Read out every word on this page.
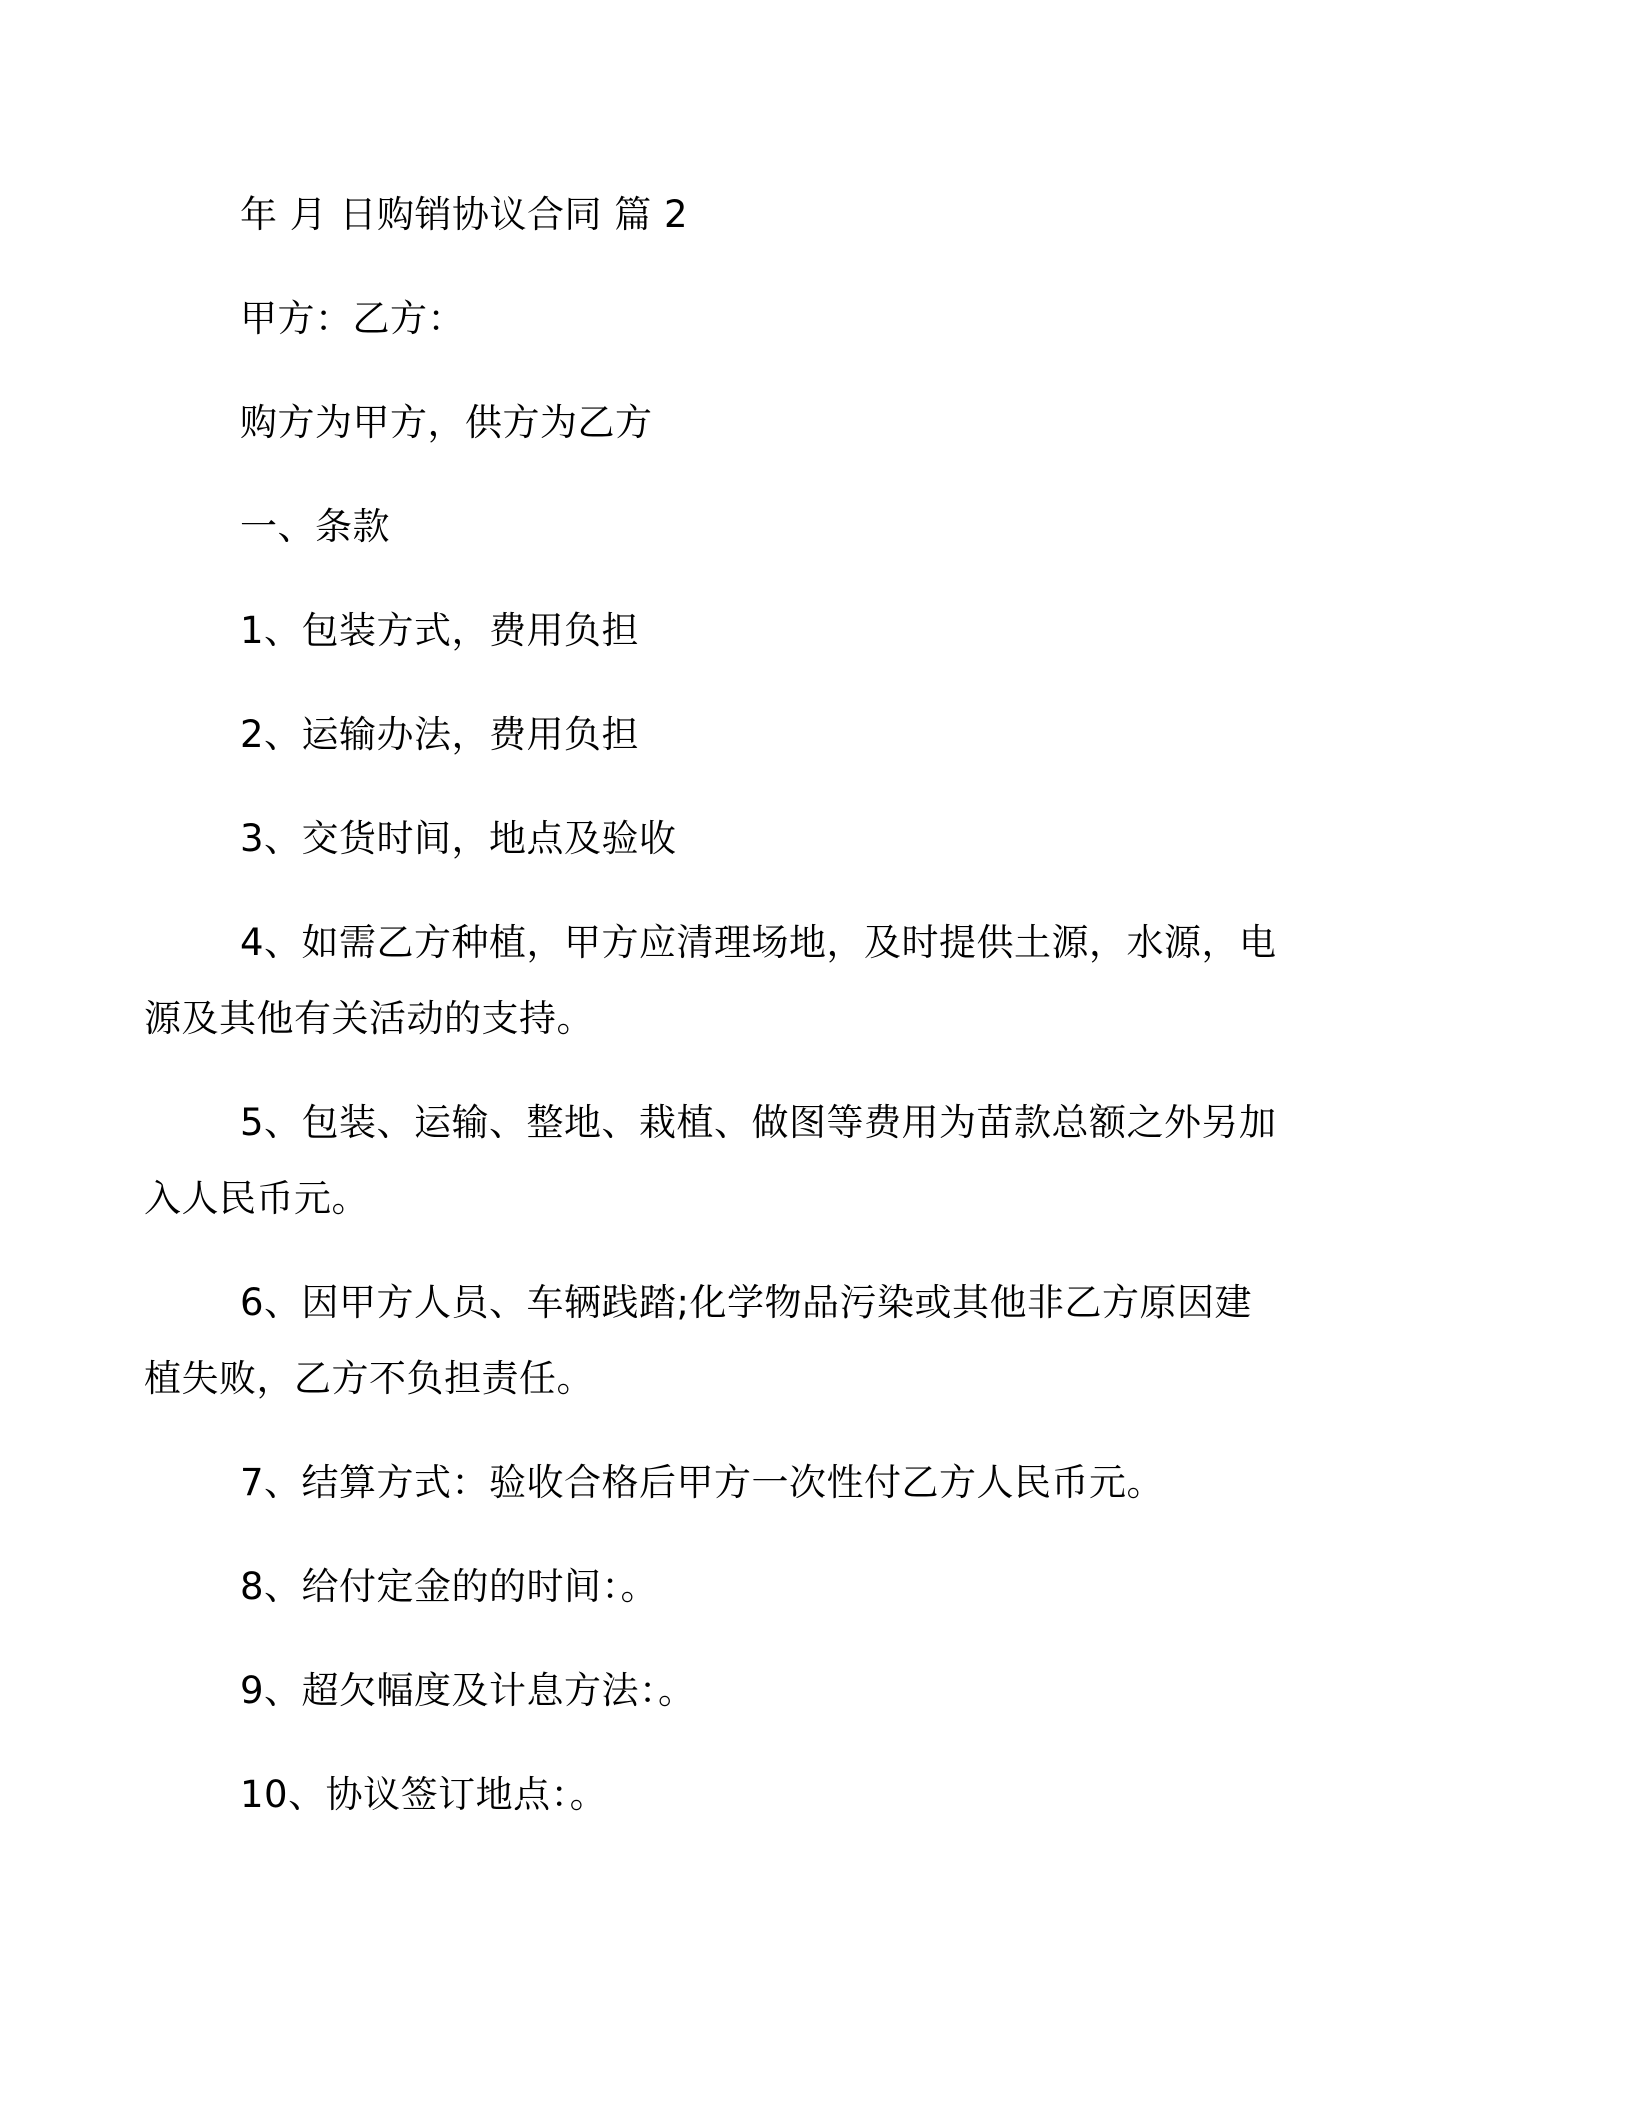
年 月 日购销协议合同 篇 2

甲方：乙方：

购方为甲方，供方为乙方

一、条款

1、包装方式，费用负担

2、运输办法，费用负担

3、交货时间，地点及验收

4、如需乙方种植，甲方应清理场地，及时提供土源，水源，电源及其他有关活动的支持。

5、包装、运输、整地、栽植、做图等费用为苗款总额之外另加入人民币元。

6、因甲方人员、车辆践踏;化学物品污染或其他非乙方原因建植失败，乙方不负担责任。

7、结算方式：验收合格后甲方一次性付乙方人民币元。

8、给付定金的的时间：。

9、超欠幅度及计息方法：。

10、协议签订地点：。
